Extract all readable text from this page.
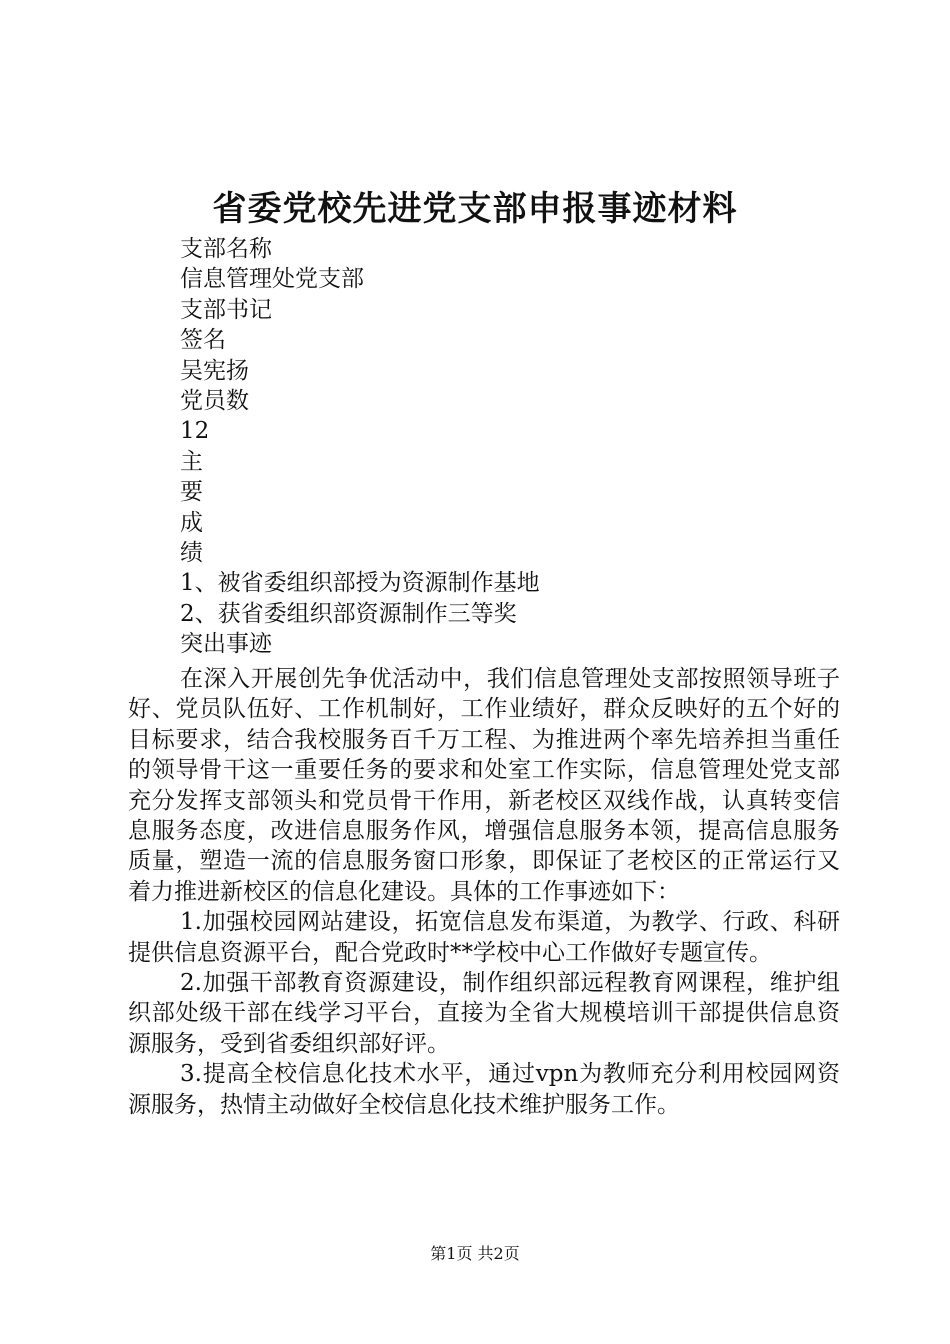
省委党校先进党支部申报事迹材料
支部名称
信息管理处党支部
支部书记
签名
吴宪扬
党员数
12
主
要
成
绩
1、被省委组织部授为资源制作基地
2、获省委组织部资源制作三等奖
突出事迹

在深入开展创先争优活动中，我们信息管理处支部按照领导班子好、党员队伍好、工作机制好，工作业绩好，群众反映好的五个好的目标要求，结合我校服务百千万工程、为推进两个率先培养担当重任的领导骨干这一重要任务的要求和处室工作实际，信息管理处党支部充分发挥支部领头和党员骨干作用，新老校区双线作战，认真转变信息服务态度，改进信息服务作风，增强信息服务本领，提高信息服务质量，塑造一流的信息服务窗口形象，即保证了老校区的正常运行又着力推进新校区的信息化建设。具体的工作事迹如下：

1.加强校园网站建设，拓宽信息发布渠道，为教学、行政、科研提供信息资源平台，配合党政时**学校中心工作做好专题宣传。

2.加强干部教育资源建设，制作组织部远程教育网课程，维护组织部处级干部在线学习平台，直接为全省大规模培训干部提供信息资源服务，受到省委组织部好评。

3.提高全校信息化技术水平，通过vpn为教师充分利用校园网资源服务，热情主动做好全校信息化技术维护服务工作。

第1页 共2页
